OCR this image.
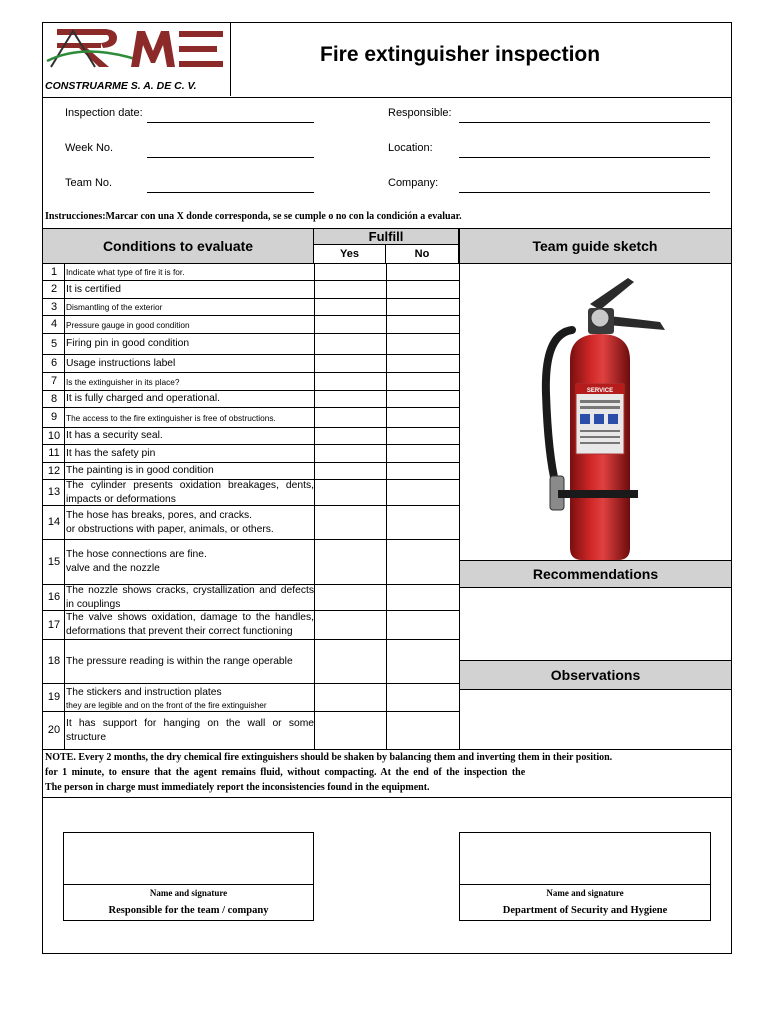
CONSTRUARME S. A. DE C. V.
Fire extinguisher inspection
Inspection date:	Responsible:
Week No.	Location:
Team No.	Company:
Instrucciones:Marcar con una X donde corresponda, se se cumple o no con la condición a evaluar.
Conditions to evaluate
Fulfill
Yes	No	Team guide sketch
1	Indicate what type of fire it is for.
2 It is certified
3	Dismantling of the exterior
4	Pressure gauge in good condition
5 Firing pin in good condition
6 Usage instructions label
7	Is the extinguisher in its place?
8 It is fully charged and operational.
9	The access to the fire extinguisher is free of obstructions.
10 It has a security seal.
11 It has the safety pin
12 The painting is in good condition
13
The cylinder presents oxidation breakages, dents, impacts or deformations
14
The hose has breaks, pores, and cracks.
or obstructions with paper, animals, or others.
15
The hose connections are fine.
valve and the nozzle
16
The nozzle shows cracks, crystallization and defects in couplings
17
The valve shows oxidation, damage to the handles, deformations that prevent their correct functioning
18 The pressure reading is within the range operable
19 The stickers and instruction plates
they are legible and on the front of the fire extinguisher
20
It has support for hanging on the wall or some structure
SERVICE
Recommendations
Observations
NOTE. Every 2 months, the dry chemical fire extinguishers should be shaken by balancing them and inverting them in their position.
for 1 minute, to ensure that the agent remains fluid, without compacting. At the end of the inspection the
The person in charge must immediately report the inconsistencies found in the equipment.
Name and signature
Responsible for the team / company
Name and signature
Department of Security and Hygiene
